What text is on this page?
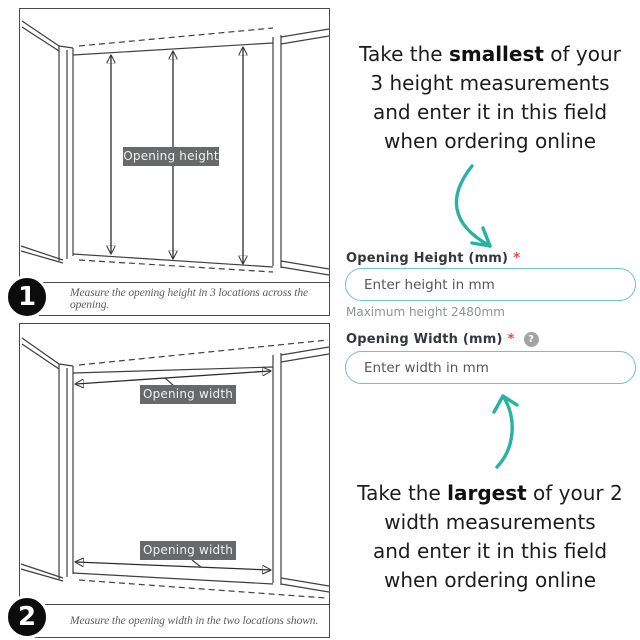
Opening height
Measure the opening height in 3 locations across the opening.
Opening width
Opening width
Measure the opening width in the two locations shown.
1
2
Take the smallest of your
3 height measurements
and enter it in this field
when ordering online
Opening Height (mm) *
Enter height in mm
Maximum height 2480mm
Opening Width (mm) *	?
Enter width in mm
Take the largest of your 2
width measurements
and enter it in this field
when ordering online
